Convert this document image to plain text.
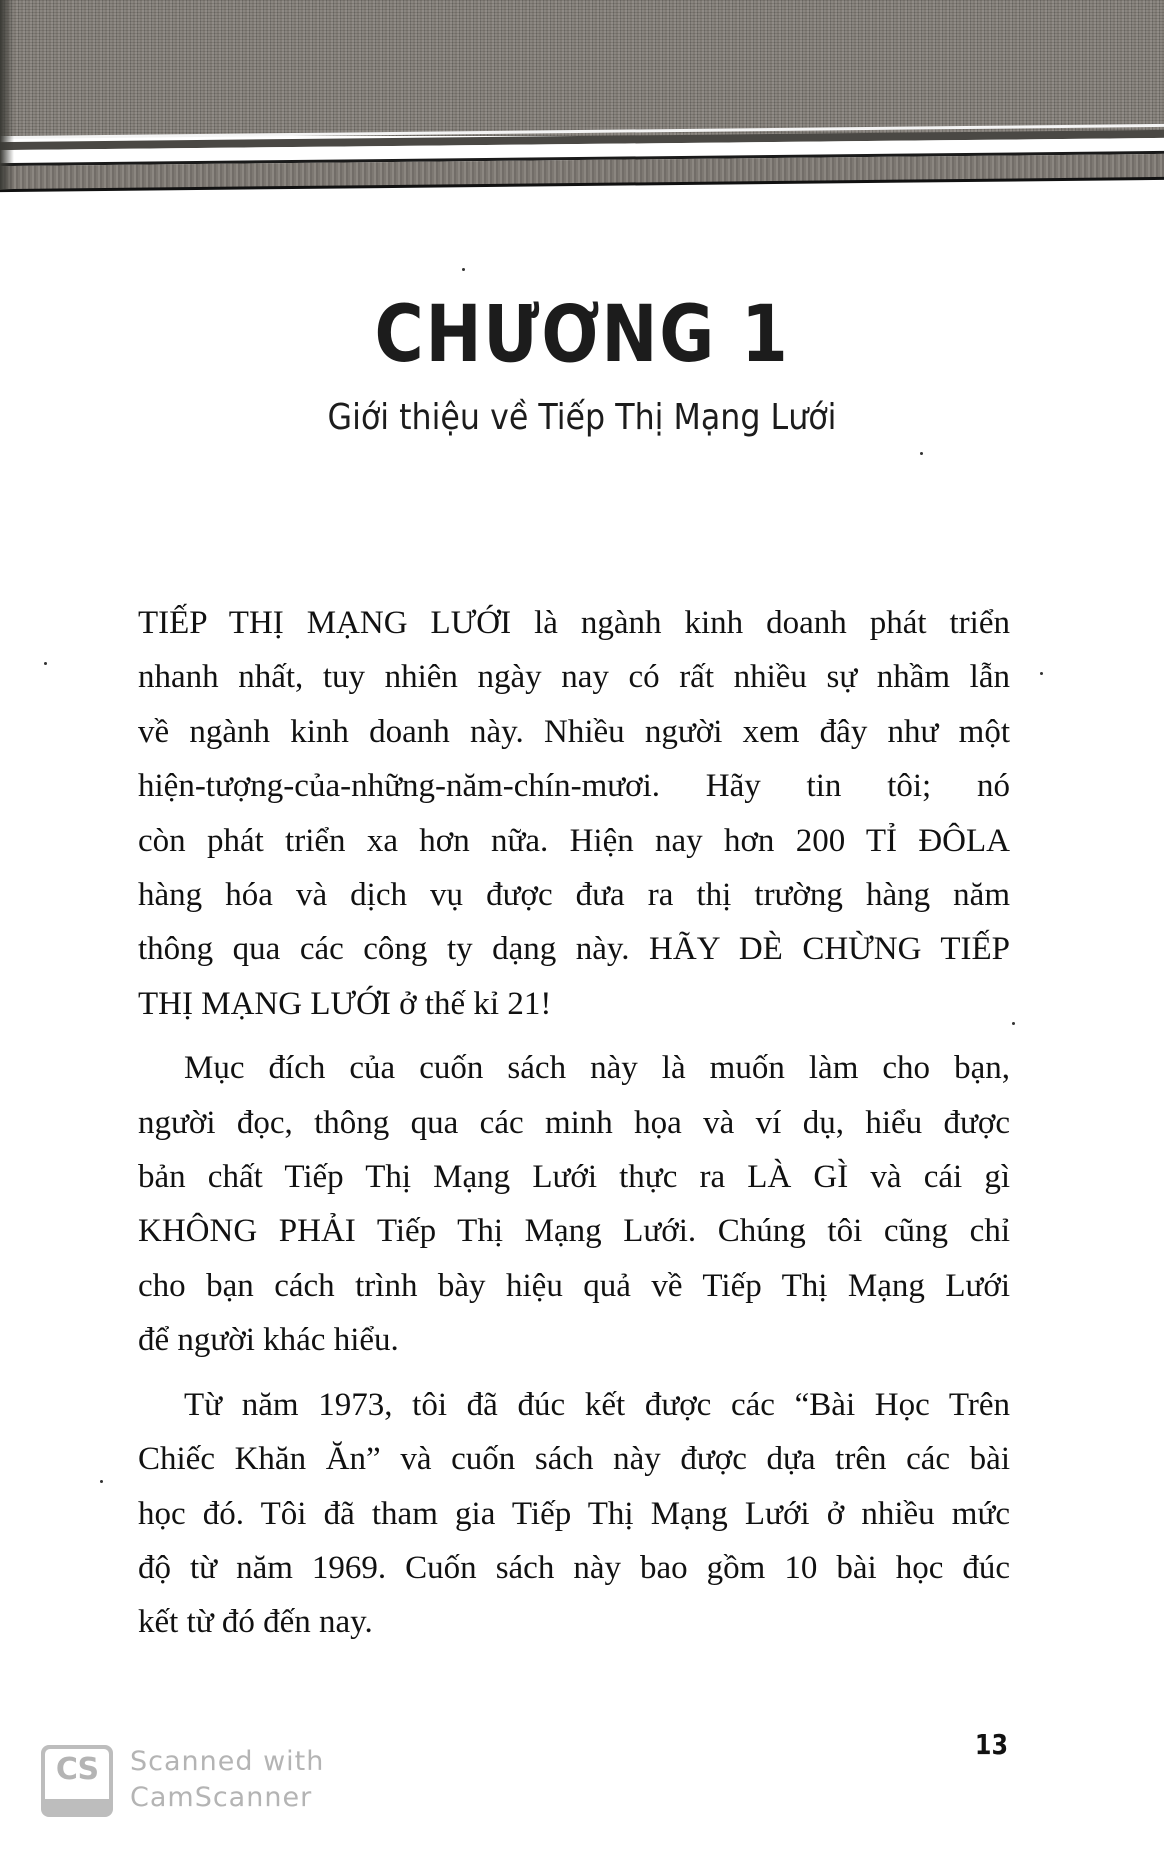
CHƯƠNG 1
Giới thiệu về Tiếp Thị Mạng Lưới

TIẾP THỊ MẠNG LƯỚI là ngành kinh doanh phát triển
nhanh nhất, tuy nhiên ngày nay có rất nhiều sự nhầm lẫn
về ngành kinh doanh này. Nhiều người xem đây như một
hiện-tượng-của-những-năm-chín-mươi. Hãy tin tôi; nó
còn phát triển xa hơn nữa. Hiện nay hơn 200 TỈ ĐÔLA
hàng hóa và dịch vụ được đưa ra thị trường hàng năm
thông qua các công ty dạng này. HÃY DÈ CHỪNG TIẾP
THỊ MẠNG LƯỚI ở thế kỉ 21!

Mục đích của cuốn sách này là muốn làm cho bạn,
người đọc, thông qua các minh họa và ví dụ, hiểu được
bản chất Tiếp Thị Mạng Lưới thực ra LÀ GÌ và cái gì
KHÔNG PHẢI Tiếp Thị Mạng Lưới. Chúng tôi cũng chỉ
cho bạn cách trình bày hiệu quả về Tiếp Thị Mạng Lưới
để người khác hiểu.

Từ năm 1973, tôi đã đúc kết được các “Bài Học Trên
Chiếc Khăn Ăn” và cuốn sách này được dựa trên các bài
học đó. Tôi đã tham gia Tiếp Thị Mạng Lưới ở nhiều mức
độ từ năm 1969. Cuốn sách này bao gồm 10 bài học đúc
kết từ đó đến nay.

13
CS	Scanned with
CamScanner
